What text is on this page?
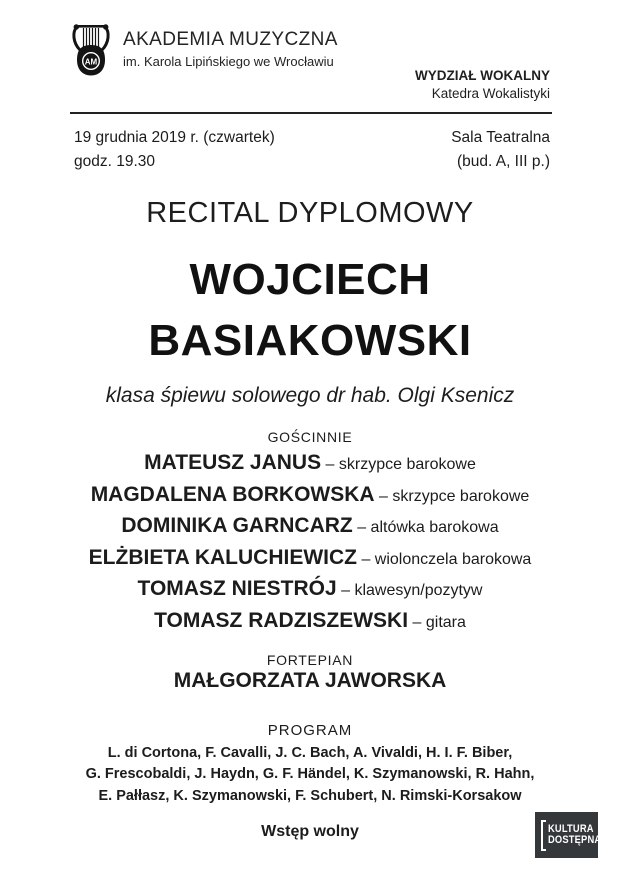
AM
AKADEMIA MUZYCZNA
im. Karola Lipińskiego we Wrocławiu
WYDZIAŁ WOKALNY
Katedra Wokalistyki
19 grudnia 2019 r. (czwartek)
godz. 19.30
Sala Teatralna
(bud. A, III p.)
RECITAL DYPLOMOWY
WOJCIECH
BASIAKOWSKI
klasa śpiewu solowego dr hab. Olgi Ksenicz
GOŚCINNIE
MATEUSZ JANUS – skrzypce barokowe
MAGDALENA BORKOWSKA – skrzypce barokowe
DOMINIKA GARNCARZ – altówka barokowa
ELŻBIETA KALUCHIEWICZ – wiolonczela barokowa
TOMASZ NIESTRÓJ – klawesyn/pozytyw
TOMASZ RADZISZEWSKI – gitara
FORTEPIAN
MAŁGORZATA JAWORSKA
PROGRAM
L. di Cortona, F. Cavalli, J. C. Bach, A. Vivaldi, H. I. F. Biber,
G. Frescobaldi, J. Haydn, G. F. Händel, K. Szymanowski, R. Hahn,
E. Pałłasz, K. Szymanowski, F. Schubert, N. Rimski-Korsakow
Wstęp wolny	KULTURA
DOSTĘPNA
